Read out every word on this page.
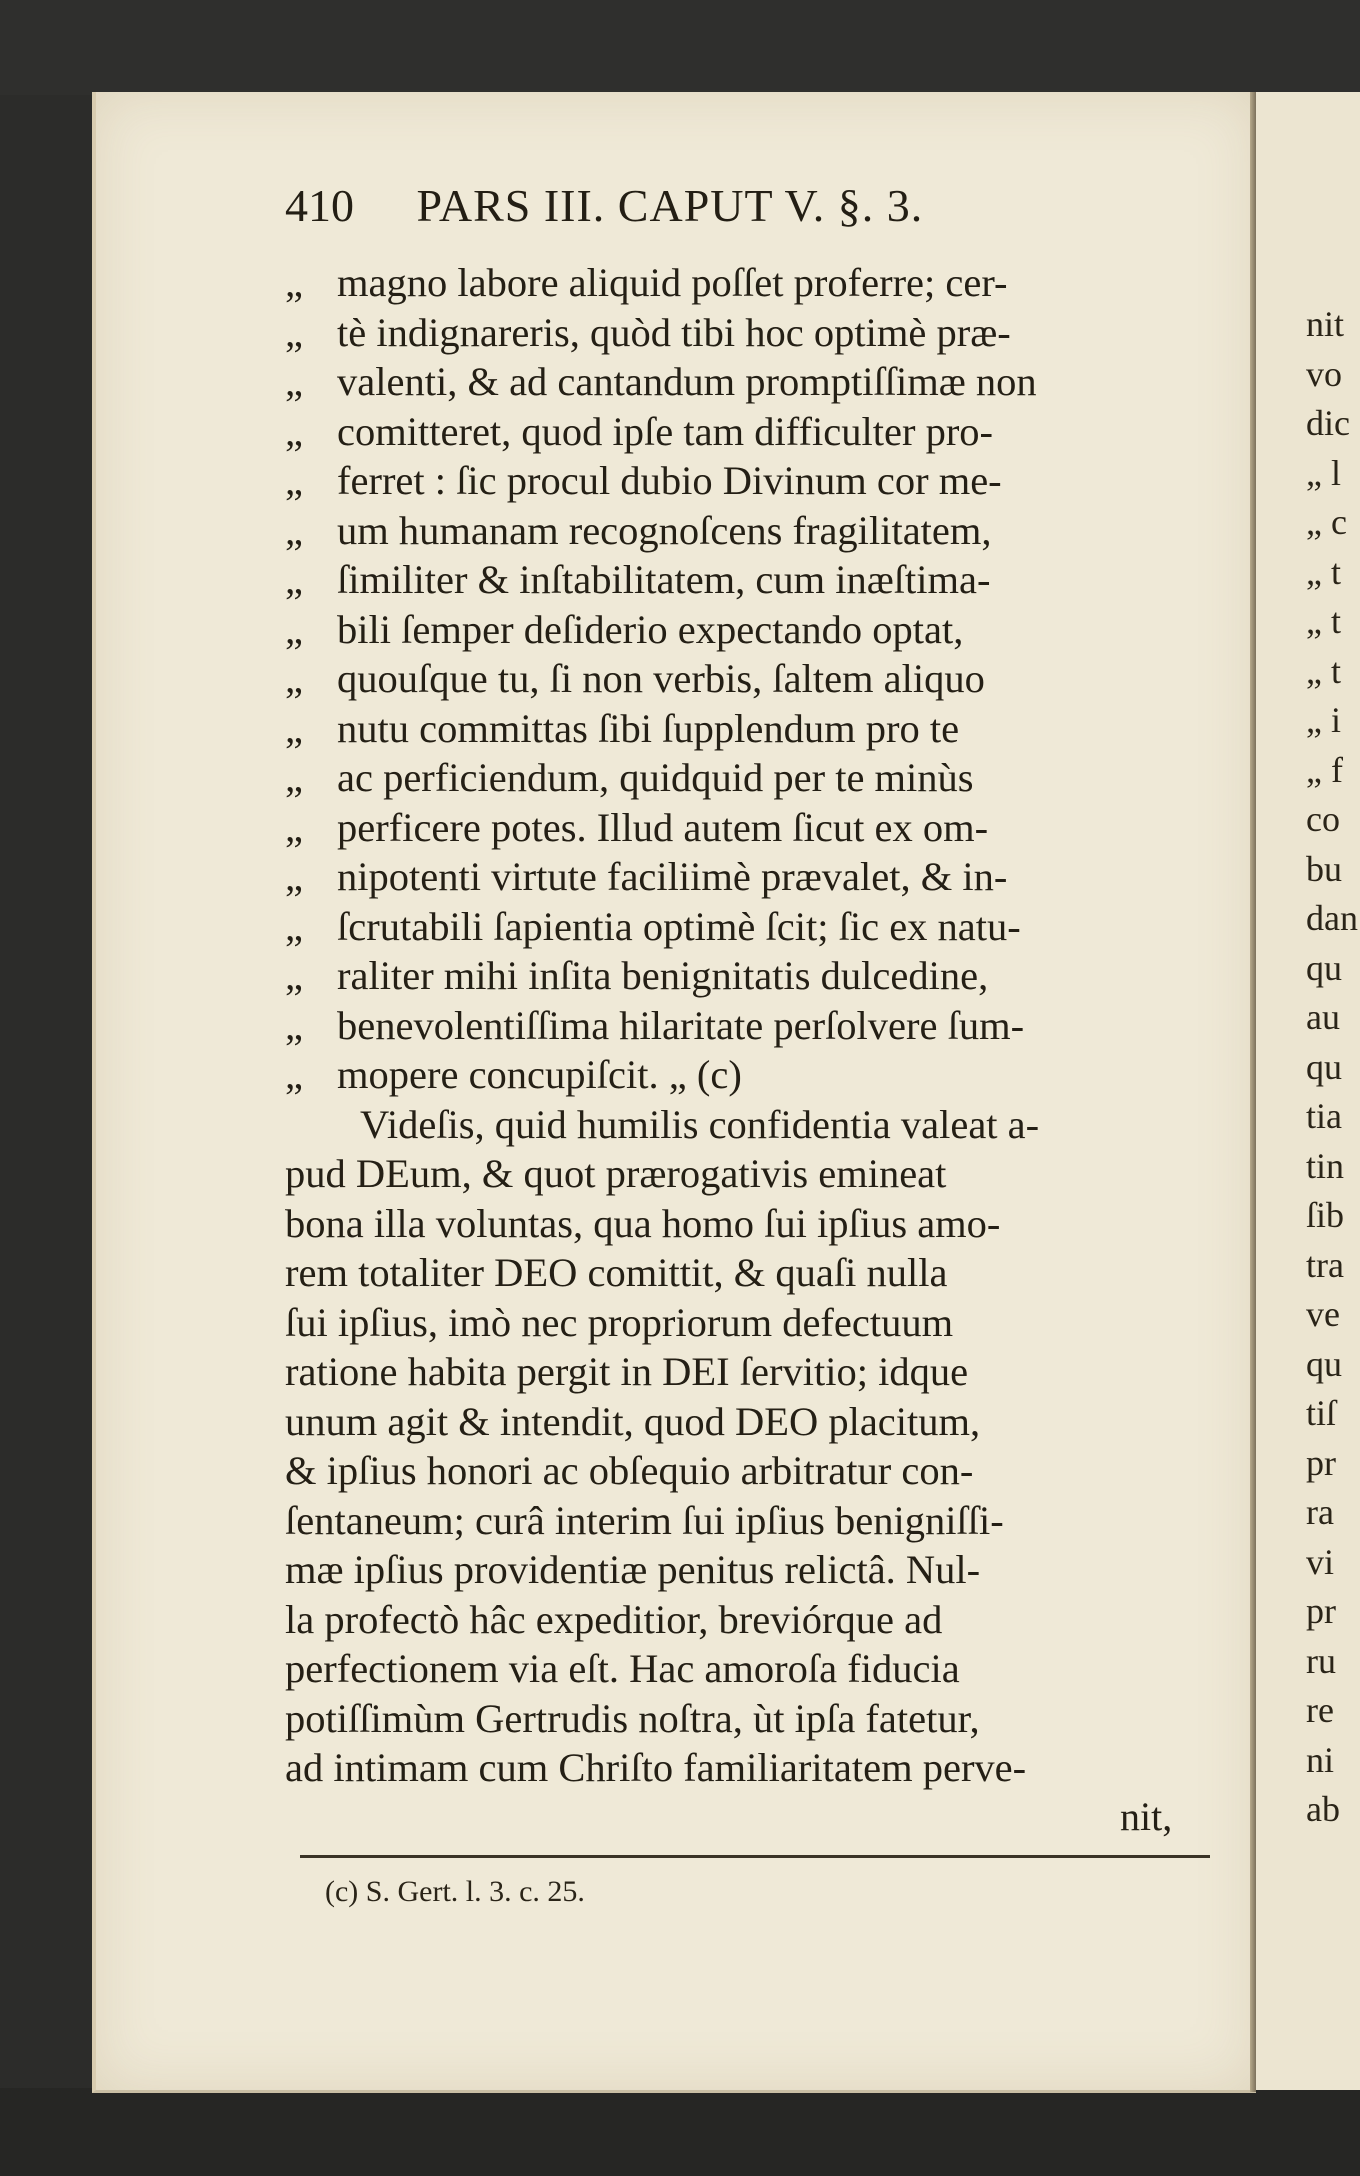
nit
vo
dic
„ l
„ c
„ t
„ t
„ t
„ i
„ f
co
bu
dan
qu
au
qu
tia
tin
ſib
tra
ve
qu
tiſ
pr
ra
vi
pr
ru
re
ni
ab
410 PARS III. CAPUT V. §. 3.
„ magno labore aliquid poſſet proferre; cer-
„ tè indignareris, quòd tibi hoc optimè præ-
„ valenti, & ad cantandum promptiſſimæ non
„ comitteret, quod ipſe tam difficulter pro-
„ ferret : ſic procul dubio Divinum cor me-
„ um humanam recognoſcens fragilitatem,
„ ſimiliter & inſtabilitatem, cum inæſtima-
„ bili ſemper deſiderio expectando optat,
„ quouſque tu, ſi non verbis, ſaltem aliquo
„ nutu committas ſibi ſupplendum pro te
„ ac perficiendum, quidquid per te minùs
„ perficere potes. Illud autem ſicut ex om-
„ nipotenti virtute faciliimè prævalet, & in-
„ ſcrutabili ſapientia optimè ſcit; ſic ex natu-
„ raliter mihi inſita benignitatis dulcedine,
„ benevolentiſſima hilaritate perſolvere ſum-
„ mopere concupiſcit. „ (c)
Videſis, quid humilis confidentia valeat a-
pud DEum, & quot prærogativis emineat
bona illa voluntas, qua homo ſui ipſius amo-
rem totaliter DEO comittit, & quaſi nulla
ſui ipſius, imò nec propriorum defectuum
ratione habita pergit in DEI ſervitio; idque
unum agit & intendit, quod DEO placitum,
& ipſius honori ac obſequio arbitratur con-
ſentaneum; curâ interim ſui ipſius benigniſſi-
mæ ipſius providentiæ penitus relictâ. Nul-
la profectò hâc expeditior, breviórque ad
perfectionem via eſt. Hac amoroſa fiducia
potiſſimùm Gertrudis noſtra, ùt ipſa fatetur,
ad intimam cum Chriſto familiaritatem perve-
nit,
(c) S. Gert. l. 3. c. 25.
